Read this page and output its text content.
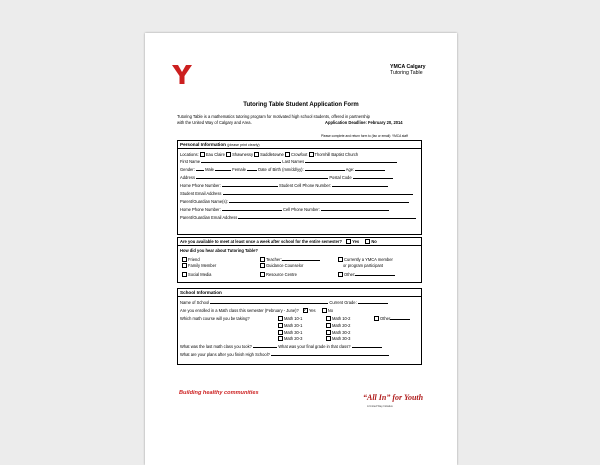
YMCA Calgary
Tutoring Table
Tutoring Table Student Application Form
Tutoring Table is a mathematics tutoring program for motivated high school students, offered in partnership
with the United Way of Calgary and Area.	Application Deadline: February 20, 2014
Please complete and return form to (fax or email): YMCA staff
Personal Information (please print clearly)
Locations: Eau Claire Shawnessy Saddletowne Crowfoot Thornhill Baptist Church
First Name	Last Names
Gender:	Male	Female	Date of Birth (mm/dd/yy):	Age:
Address	Postal Code
Home Phone Number:	Student Cell Phone Number:
Student Email Address
Parent/Guardian Name(s):
Home Phone Number:	Cell Phone Number:
Parent/Guardian Email Address
Are you available to meet at least once a week after school for the entire semester? Yes	No
How did you hear about Tutoring Table?
Friend	Teacher:	Currently a YMCA member
Family Member	Guidance Counselor	or program participant
Social Media	Resource Centre	Other:
School Information
Name of School	Current Grade:
Are you enrolled in a Math class this semester (February - June)? ✓ Yes	No
Which math course will you be taking?	Math 10-1	Math 10-2	Other
Math 20-1	Math 20-2
Math 30-1	Math 30-2
Math 20-3	Math 30-3
What was the last math class you took?	What was your final grade in that class?
What are your plans after you finish High School?
Building healthy communities	“All In” for Youth
A United Way Initiative
